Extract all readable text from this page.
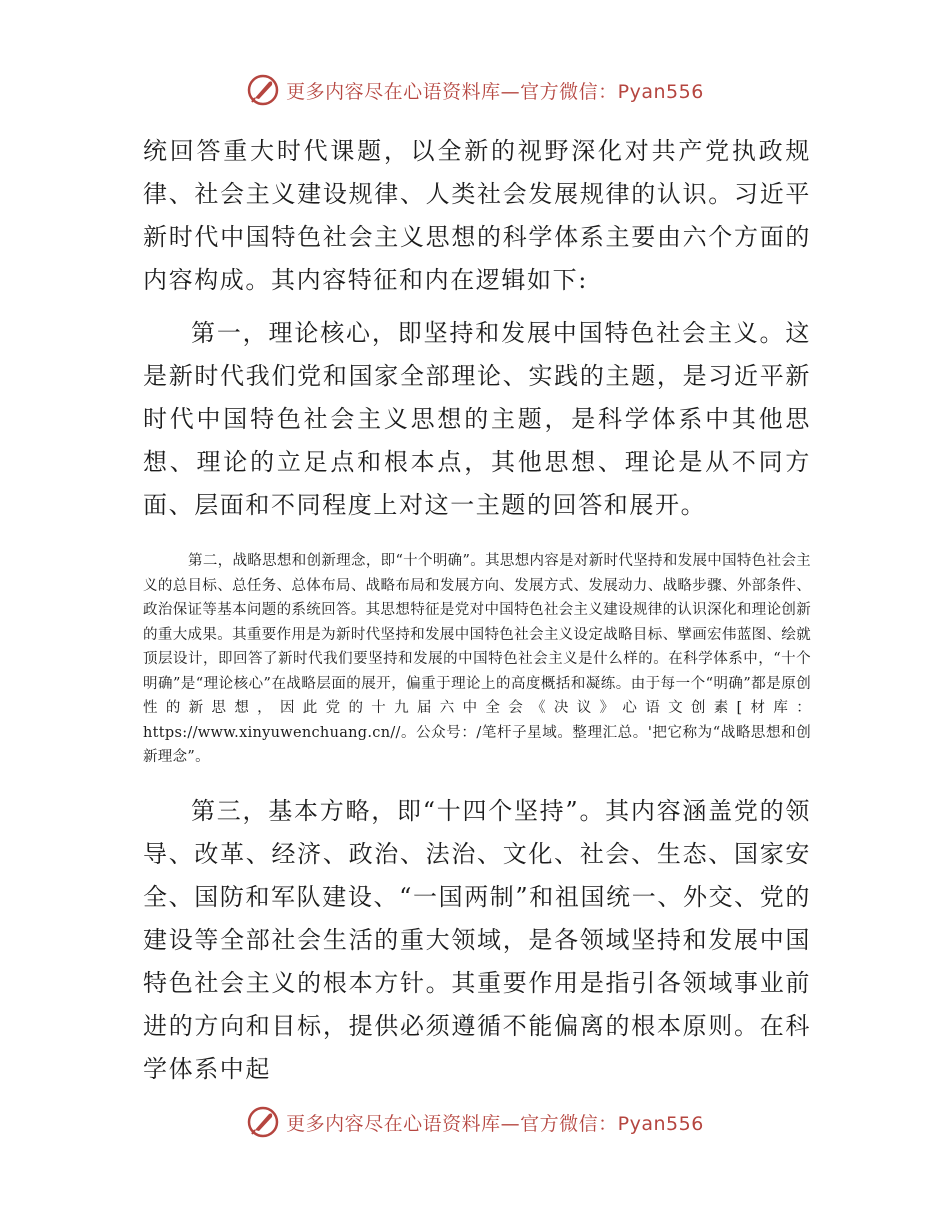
更多内容尽在心语资料库—官方微信：Pyan556

统回答重大时代课题，以全新的视野深化对共产党执政规律、社会主义建设规律、人类社会发展规律的认识。习近平新时代中国特色社会主义思想的科学体系主要由六个方面的内容构成。其内容特征和内在逻辑如下:

第一，理论核心，即坚持和发展中国特色社会主义。这是新时代我们党和国家全部理论、实践的主题，是习近平新时代中国特色社会主义思想的主题，是科学体系中其他思想、理论的立足点和根本点，其他思想、理论是从不同方面、层面和不同程度上对这一主题的回答和展开。

第二，战略思想和创新理念，即“十个明确”。其思想内容是对新时代坚持和发展中国特色社会主义的总目标、总任务、总体布局、战略布局和发展方向、发展方式、发展动力、战略步骤、外部条件、政治保证等基本问题的系统回答。其思想特征是党对中国特色社会主义建设规律的认识深化和理论创新的重大成果。其重要作用是为新时代坚持和发展中国特色社会主义设定战略目标、擘画宏伟蓝图、绘就顶层设计，即回答了新时代我们要坚持和发展的中国特色社会主义是什么样的。在科学体系中，“十个明确”是“理论核心”在战略层面的展开，偏重于理论上的高度概括和凝练。由于每一个“明确”都是原创性的新思想，因此党的十九届六中全会《决议》心语文创素[材库：https://www.xinyuwenchuang.cn//。公众号：/笔杆子星域。整理汇总。'把它称为“战略思想和创新理念”。

第三，基本方略，即“十四个坚持”。其内容涵盖党的领导、改革、经济、政治、法治、文化、社会、生态、国家安全、国防和军队建设、“一国两制”和祖国统一、外交、党的建设等全部社会生活的重大领域，是各领域坚持和发展中国特色社会主义的根本方针。其重要作用是指引各领域事业前进的方向和目标，提供必须遵循不能偏离的根本原则。在科学体系中起

更多内容尽在心语资料库—官方微信：Pyan556
